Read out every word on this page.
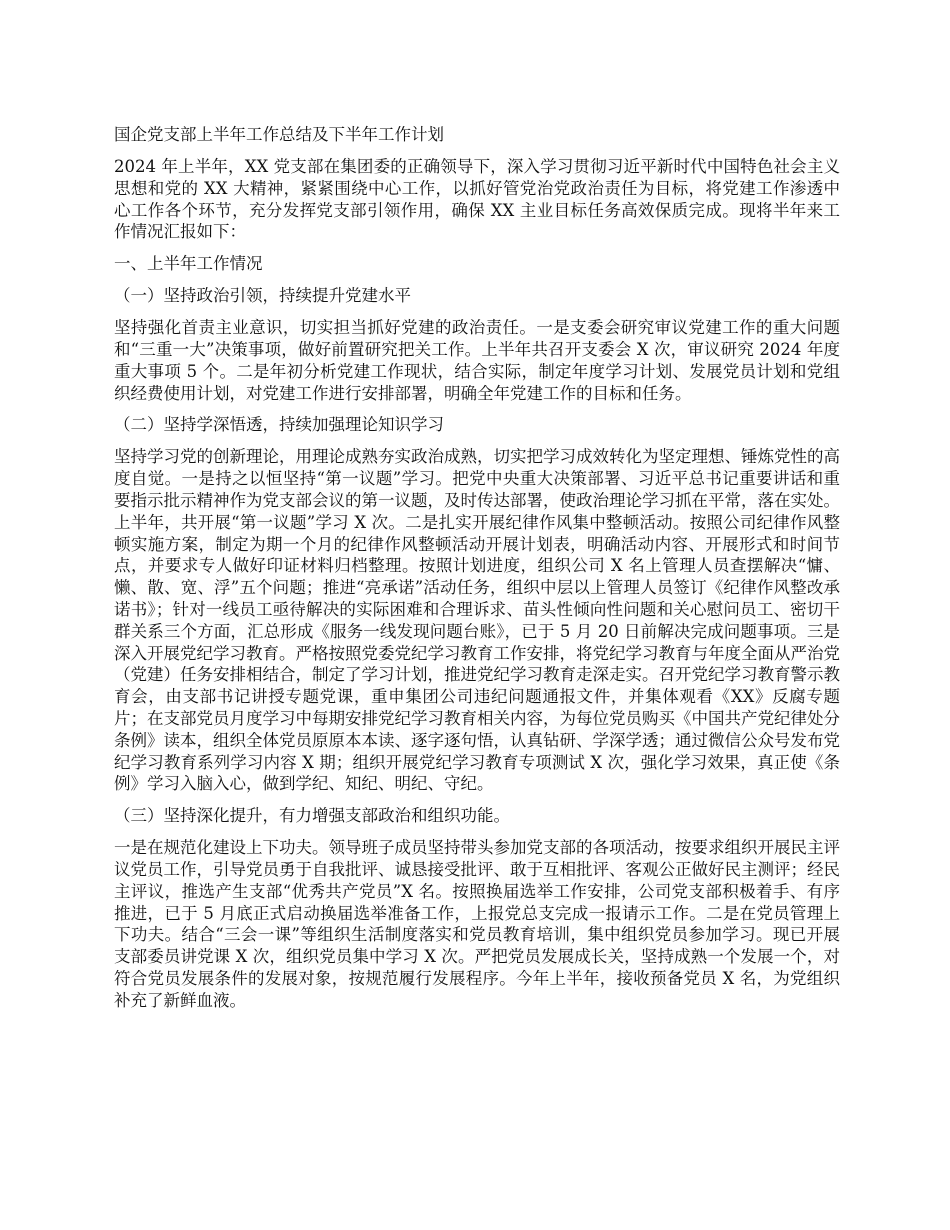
国企党支部上半年工作总结及下半年工作计划
2024 年上半年，XX 党支部在集团委的正确领导下，深入学习贯彻习近平新时代中国特色社会主义思想和党的 XX 大精神，紧紧围绕中心工作，以抓好管党治党政治责任为目标，将党建工作渗透中心工作各个环节，充分发挥党支部引领作用，确保 XX 主业目标任务高效保质完成。现将半年来工作情况汇报如下：
一、上半年工作情况
（一）坚持政治引领，持续提升党建水平
坚持强化首责主业意识，切实担当抓好党建的政治责任。一是支委会研究审议党建工作的重大问题和“三重一大”决策事项，做好前置研究把关工作。上半年共召开支委会 X 次，审议研究 2024 年度重大事项 5 个。二是年初分析党建工作现状，结合实际，制定年度学习计划、发展党员计划和党组织经费使用计划，对党建工作进行安排部署，明确全年党建工作的目标和任务。
（二）坚持学深悟透，持续加强理论知识学习
坚持学习党的创新理论，用理论成熟夯实政治成熟，切实把学习成效转化为坚定理想、锤炼党性的高度自觉。一是持之以恒坚持“第一议题”学习。把党中央重大决策部署、习近平总书记重要讲话和重要指示批示精神作为党支部会议的第一议题，及时传达部署，使政治理论学习抓在平常，落在实处。上半年，共开展“第一议题”学习 X 次。二是扎实开展纪律作风集中整顿活动。按照公司纪律作风整顿实施方案，制定为期一个月的纪律作风整顿活动开展计划表，明确活动内容、开展形式和时间节点，并要求专人做好印证材料归档整理。按照计划进度，组织公司 X 名上管理人员查摆解决“慵、懒、散、宽、浮”五个问题；推进“亮承诺”活动任务，组织中层以上管理人员签订《纪律作风整改承诺书》；针对一线员工亟待解决的实际困难和合理诉求、苗头性倾向性问题和关心慰问员工、密切干群关系三个方面，汇总形成《服务一线发现问题台账》，已于 5 月 20 日前解决完成问题事项。三是深入开展党纪学习教育。严格按照党委党纪学习教育工作安排，将党纪学习教育与年度全面从严治党（党建）任务安排相结合，制定了学习计划，推进党纪学习教育走深走实。召开党纪学习教育警示教育会，由支部书记讲授专题党课，重申集团公司违纪问题通报文件，并集体观看《XX》反腐专题片；在支部党员月度学习中每期安排党纪学习教育相关内容，为每位党员购买《中国共产党纪律处分条例》读本，组织全体党员原原本本读、逐字逐句悟，认真钻研、学深学透；通过微信公众号发布党纪学习教育系列学习内容 X 期；组织开展党纪学习教育专项测试 X 次，强化学习效果，真正使《条例》学习入脑入心，做到学纪、知纪、明纪、守纪。
（三）坚持深化提升，有力增强支部政治和组织功能。
一是在规范化建设上下功夫。领导班子成员坚持带头参加党支部的各项活动，按要求组织开展民主评议党员工作，引导党员勇于自我批评、诚恳接受批评、敢于互相批评、客观公正做好民主测评；经民主评议，推选产生支部“优秀共产党员”X 名。按照换届选举工作安排，公司党支部积极着手、有序推进，已于 5 月底正式启动换届选举准备工作，上报党总支完成一报请示工作。二是在党员管理上下功夫。结合“三会一课”等组织生活制度落实和党员教育培训，集中组织党员参加学习。现已开展支部委员讲党课 X 次，组织党员集中学习 X 次。严把党员发展成长关，坚持成熟一个发展一个，对符合党员发展条件的发展对象，按规范履行发展程序。今年上半年，接收预备党员 X 名，为党组织补充了新鲜血液。
